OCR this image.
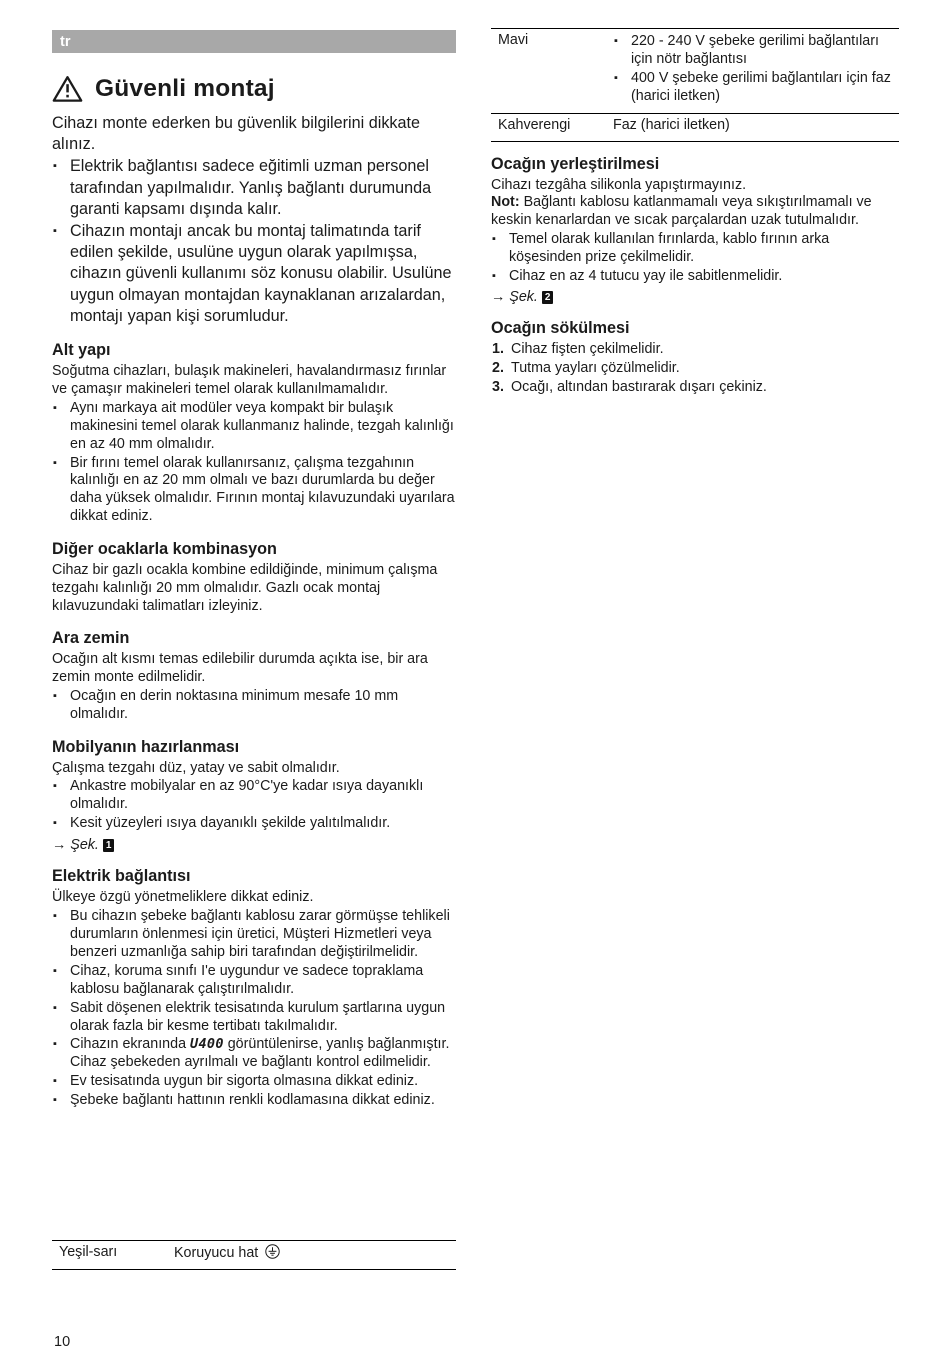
tr
Güvenli montaj

Cihazı monte ederken bu güvenlik bilgilerini dikkate alınız.

▪ Elektrik bağlantısı sadece eğitimli uzman personel tarafından yapılmalıdır. Yanlış bağlantı durumunda garanti kapsamı dışında kalır.
▪ Cihazın montajı ancak bu montaj talimatında tarif edilen şekilde, usulüne uygun olarak yapılmışsa, cihazın güvenli kullanımı söz konusu olabilir. Usulüne uygun olmayan montajdan kaynaklanan arızalardan, montajı yapan kişi sorumludur.
Alt yapı

Soğutma cihazları, bulaşık makineleri, havalandırmasız fırınlar ve çamaşır makineleri temel olarak kullanılmamalıdır.

▪ Aynı markaya ait modüler veya kompakt bir bulaşık makinesini temel olarak kullanmanız halinde, tezgah kalınlığı en az 40 mm olmalıdır.
▪ Bir fırını temel olarak kullanırsanız, çalışma tezgahının kalınlığı en az 20 mm olmalı ve bazı durumlarda bu değer daha yüksek olmalıdır. Fırının montaj kılavuzundaki uyarılara dikkat ediniz.
Diğer ocaklarla kombinasyon

Cihaz bir gazlı ocakla kombine edildiğinde, minimum çalışma tezgahı kalınlığı 20 mm olmalıdır. Gazlı ocak montaj kılavuzundaki talimatları izleyiniz.

Ara zemin

Ocağın alt kısmı temas edilebilir durumda açıkta ise, bir ara zemin monte edilmelidir.

▪ Ocağın en derin noktasına minimum mesafe 10 mm olmalıdır.
Mobilyanın hazırlanması

Çalışma tezgahı düz, yatay ve sabit olmalıdır.

▪ Ankastre mobilyalar en az 90°C'ye kadar ısıya dayanıklı olmalıdır.
▪ Kesit yüzeyleri ısıya dayanıklı şekilde yalıtılmalıdır.

→ Şek. 1

Elektrik bağlantısı

Ülkeye özgü yönetmeliklere dikkat ediniz.

▪ Bu cihazın şebeke bağlantı kablosu zarar görmüşse tehlikeli durumların önlenmesi için üretici, Müşteri Hizmetleri veya benzeri uzmanlığa sahip biri tarafından değiştirilmelidir.
▪ Cihaz, koruma sınıfı I'e uygundur ve sadece topraklama kablosu bağlanarak çalıştırılmalıdır.
▪ Sabit döşenen elektrik tesisatında kurulum şartlarına uygun olarak fazla bir kesme tertibatı takılmalıdır.
▪ Cihazın ekranında U400 görüntülenirse, yanlış bağlanmıştır. Cihaz şebekeden ayrılmalı ve bağlantı kontrol edilmelidir.
▪ Ev tesisatında uygun bir sigorta olmasına dikkat ediniz.
▪ Şebeke bağlantı hattının renkli kodlamasına dikkat ediniz.
Yeşil-sarı	Koruyucu hat
Mavi	▪ 220 - 240 V şebeke gerilimi bağlantıları için nötr bağlantısı
▪ 400 V şebeke gerilimi bağlantıları için faz (harici iletken)
Kahverengi	Faz (harici iletken)
Ocağın yerleştirilmesi

Cihazı tezgâha silikonla yapıştırmayınız.

Not: Bağlantı kablosu katlanmamalı veya sıkıştırılmamalı ve keskin kenarlardan ve sıcak parçalardan uzak tutulmalıdır.

▪ Temel olarak kullanılan fırınlarda, kablo fırının arka köşesinden prize çekilmelidir.
▪ Cihaz en az 4 tutucu yay ile sabitlenmelidir.

→ Şek. 2

Ocağın sökülmesi
1. Cihaz fişten çekilmelidir.
2. Tutma yayları çözülmelidir.
3. Ocağı, altından bastırarak dışarı çekiniz.
10
